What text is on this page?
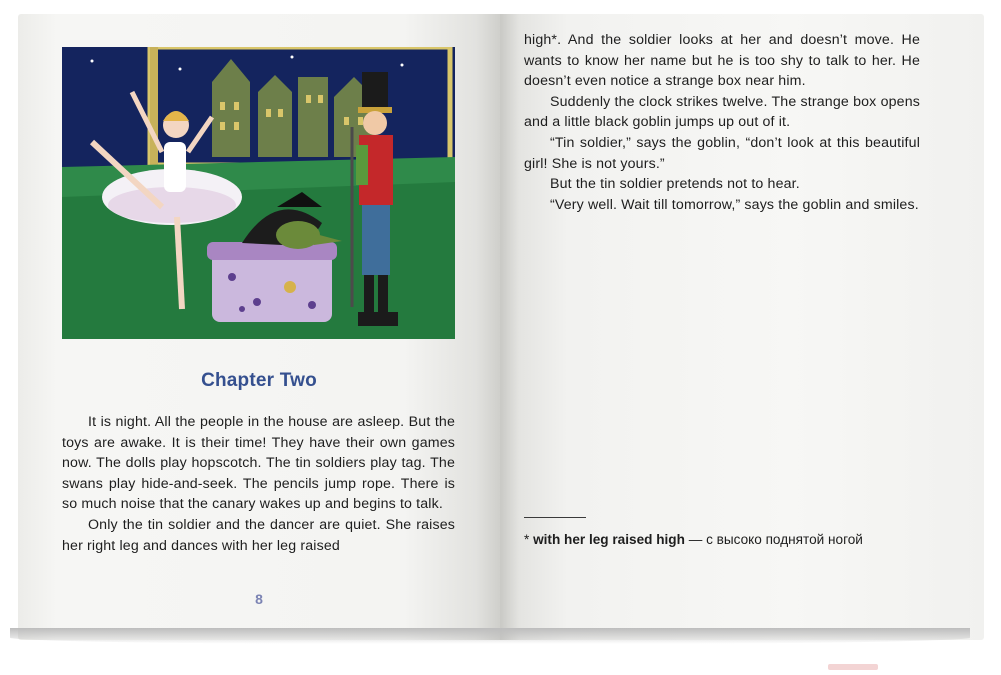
Chapter Two

It is night. All the people in the house are asleep. But the toys are awake. It is their time! They have their own games now. The dolls play hopscotch. The tin soldiers play tag. The swans play hide-and-seek. The pencils jump rope. There is so much noise that the canary wakes up and begins to talk.

Only the tin soldier and the dancer are quiet. She raises her right leg and dances with her leg raised

8

high*. And the soldier looks at her and doesn’t move. He wants to know her name but he is too shy to talk to her. He doesn’t even notice a strange box near him.

Suddenly the clock strikes twelve. The strange box opens and a little black goblin jumps up out of it.

“Tin soldier,” says the goblin, “don’t look at this beautiful girl! She is not yours.”

But the tin soldier pretends not to hear.

“Very well. Wait till tomorrow,” says the goblin and smiles.

* with her leg raised high — с высоко поднятой ногой
